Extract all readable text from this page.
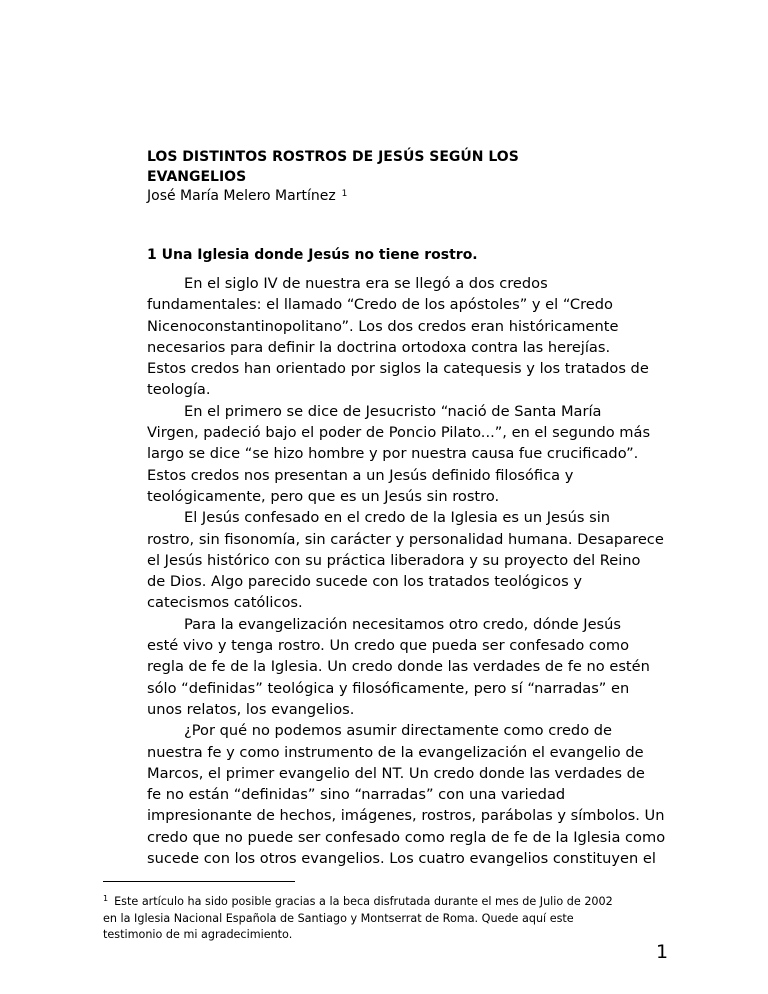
LOS DISTINTOS ROSTROS DE JESÚS SEGÚN LOS
EVANGELIOS
José María Melero Martínez $^1$
1 Una Iglesia donde Jesús no tiene rostro.
En el siglo IV de nuestra era se llegó a dos credos
fundamentales: el llamado “Credo de los apóstoles” y el “Credo
Nicenoconstantinopolitano”. Los dos credos eran históricamente
necesarios para definir la doctrina ortodoxa contra las herejías.
Estos credos han orientado por siglos la catequesis y los tratados de
teología.
En el primero se dice de Jesucristo “nació de Santa María
Virgen, padeció bajo el poder de Poncio Pilato...”, en el segundo más
largo se dice “se hizo hombre y por nuestra causa fue crucificado”.
Estos credos nos presentan a un Jesús definido filosófica y
teológicamente, pero que es un Jesús sin rostro.
El Jesús confesado en el credo de la Iglesia es un Jesús sin
rostro, sin fisonomía, sin carácter y personalidad humana. Desaparece
el Jesús histórico con su práctica liberadora y su proyecto del Reino
de Dios. Algo parecido sucede con los tratados teológicos y
catecismos católicos.
Para la evangelización necesitamos otro credo, dónde Jesús
esté vivo y tenga rostro. Un credo que pueda ser confesado como
regla de fe de la Iglesia. Un credo donde las verdades de fe no estén
sólo “definidas” teológica y filosóficamente, pero sí “narradas” en
unos relatos, los evangelios.
¿Por qué no podemos asumir directamente como credo de
nuestra fe y como instrumento de la evangelización el evangelio de
Marcos, el primer evangelio del NT. Un credo donde las verdades de
fe no están “definidas” sino “narradas” con una variedad
impresionante de hechos, imágenes, rostros, parábolas y símbolos. Un
credo que no puede ser confesado como regla de fe de la Iglesia como
sucede con los otros evangelios. Los cuatro evangelios constituyen el
$^1$ Este artículo ha sido posible gracias a la beca disfrutada durante el mes de Julio de 2002
en la Iglesia Nacional Española de Santiago y Montserrat de Roma. Quede aquí este
testimonio de mi agradecimiento.
1
